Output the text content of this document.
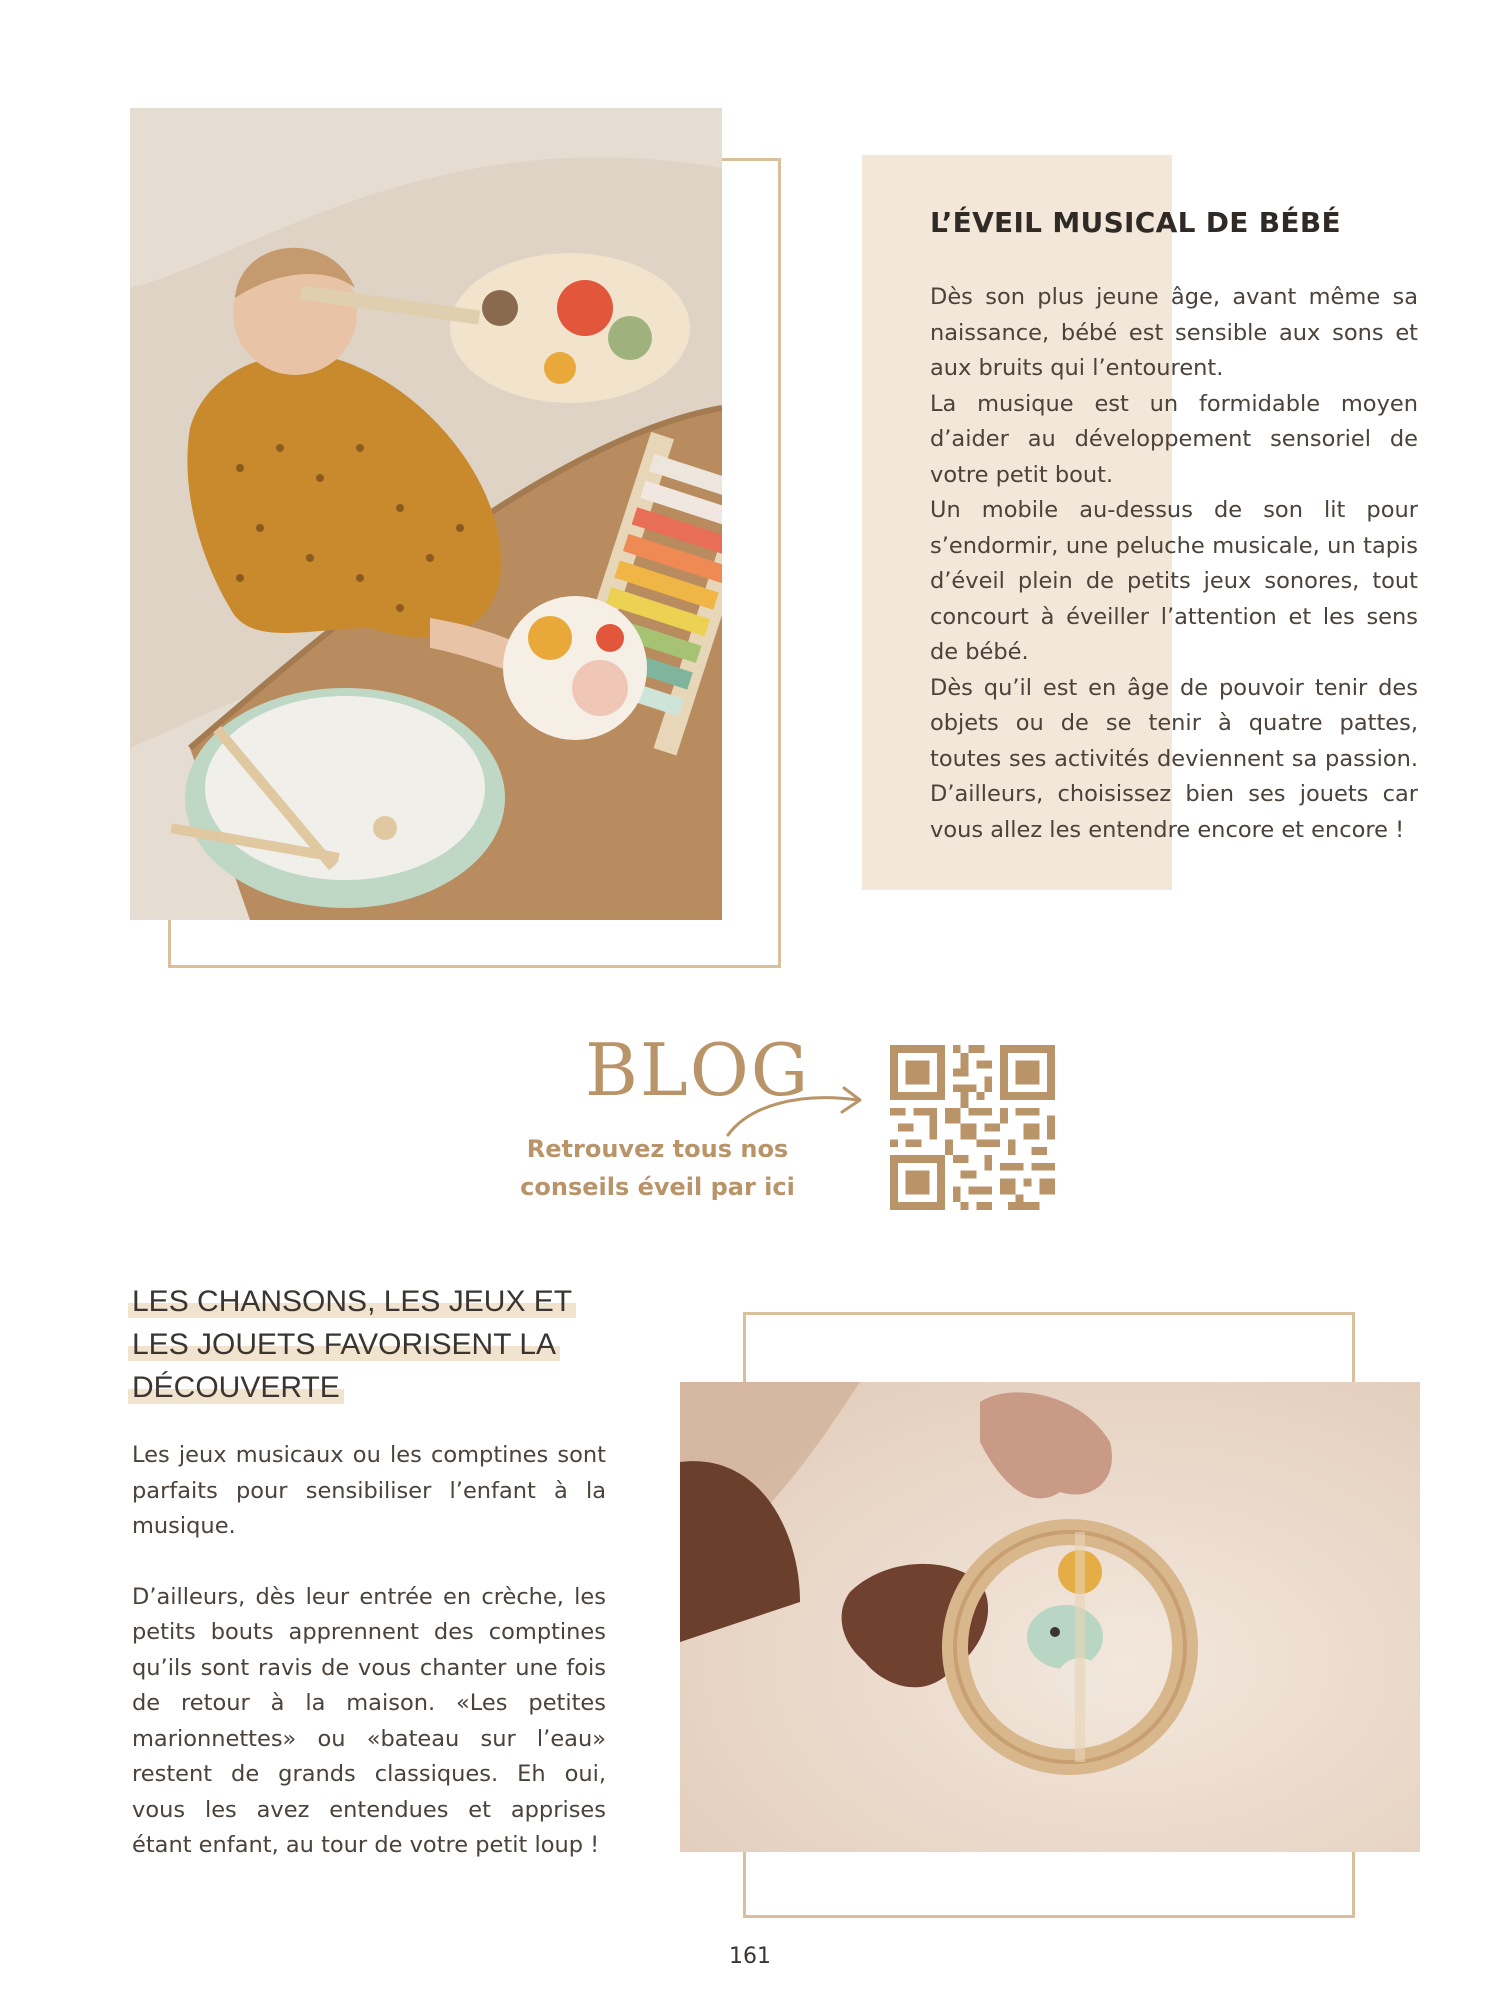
L’ÉVEIL MUSICAL DE BÉBÉ

Dès son plus jeune âge, avant même sa naissance, bébé est sensible aux sons et aux bruits qui l’entourent.

La musique est un formidable moyen d’aider au développement sensoriel de votre petit bout.

Un mobile au-dessus de son lit pour s’endormir, une peluche musicale, un tapis d’éveil plein de petits jeux sonores, tout concourt à éveiller l’attention et les sens de bébé.

Dès qu’il est en âge de pouvoir tenir des objets ou de se tenir à quatre pattes, toutes ses activités deviennent sa passion. D’ailleurs, choisissez bien ses jouets car vous allez les entendre encore et encore !

BLOG
Retrouvez tous nos
conseils éveil par ici
LES CHANSONS, LES JEUX ET
LES JOUETS FAVORISENT LA
DÉCOUVERTE

Les jeux musicaux ou les comptines sont parfaits pour sensibiliser l’enfant à la musique.

D’ailleurs, dès leur entrée en crèche, les petits bouts apprennent des comptines qu’ils sont ravis de vous chanter une fois de retour à la maison. «Les petites marionnettes» ou «bateau sur l’eau» restent de grands classiques. Eh oui, vous les avez entendues et apprises étant enfant, au tour de votre petit loup !

161
